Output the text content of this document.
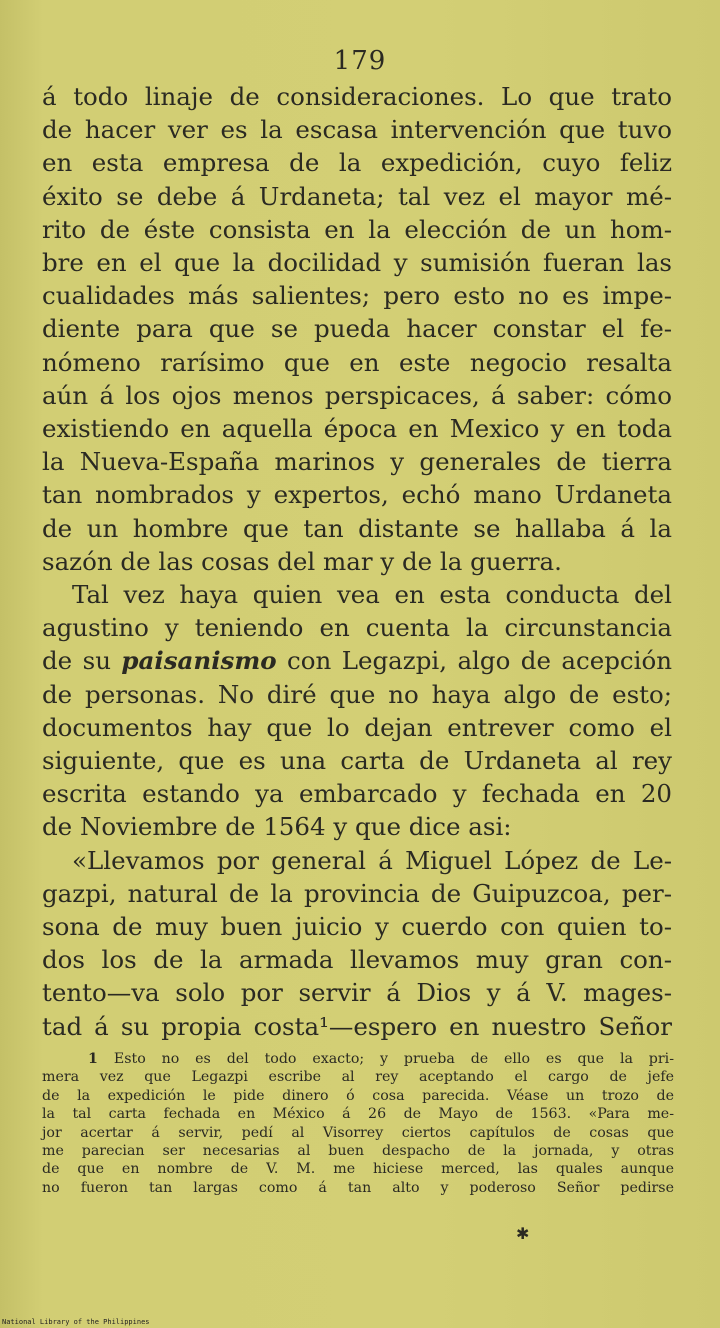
179
á todo linaje de consideraciones. Lo que trato
de hacer ver es la escasa intervención que tuvo
en esta empresa de la expedición, cuyo feliz
éxito se debe á Urdaneta; tal vez el mayor mé-
rito de éste consista en la elección de un hom-
bre en el que la docilidad y sumisión fueran las
cualidades más salientes; pero esto no es impe-
diente para que se pueda hacer constar el fe-
nómeno rarísimo que en este negocio resalta
aún á los ojos menos perspicaces, á saber: cómo
existiendo en aquella época en Mexico y en toda
la Nueva-España marinos y generales de tierra
tan nombrados y expertos, echó mano Urdaneta
de un hombre que tan distante se hallaba á la
sazón de las cosas del mar y de la guerra.
Tal vez haya quien vea en esta conducta del
agustino y teniendo en cuenta la circunstancia
de su paisanismo con Legazpi, algo de acepción
de personas. No diré que no haya algo de esto;
documentos hay que lo dejan entrever como el
siguiente, que es una carta de Urdaneta al rey
escrita estando ya embarcado y fechada en 20
de Noviembre de 1564 y que dice asi:
«Llevamos por general á Miguel López de Le-
gazpi, natural de la provincia de Guipuzcoa, per-
sona de muy buen juicio y cuerdo con quien to-
dos los de la armada llevamos muy gran con-
tento—va solo por servir á Dios y á V. mages-
tad á su propia costa¹—espero en nuestro Señor
1 Esto no es del todo exacto; y prueba de ello es que la pri-
mera vez que Legazpi escribe al rey aceptando el cargo de jefe
de la expedición le pide dinero ó cosa parecida. Véase un trozo de
la tal carta fechada en México á 26 de Mayo de 1563. «Para me-
jor acertar á servir, pedí al Visorrey ciertos capítulos de cosas que
me parecian ser necesarias al buen despacho de la jornada, y otras
de que en nombre de V. M. me hiciese merced, las quales aunque
no fueron tan largas como á tan alto y poderoso Señor pedirse
✱
National Library of the Philippines
